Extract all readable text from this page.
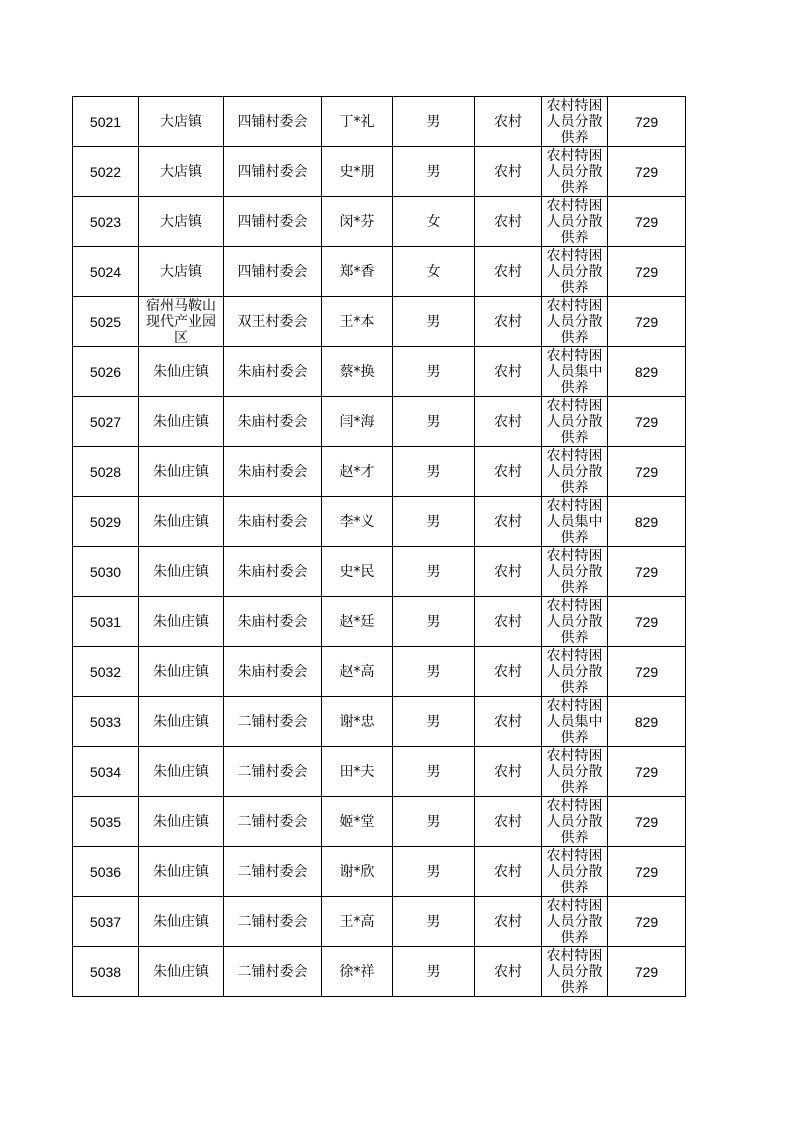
5021	大店镇	四铺村委会	丁*礼	男	农村	农村特困人员分散供养	729
5022	大店镇	四铺村委会	史*朋	男	农村	农村特困人员分散供养	729
5023	大店镇	四铺村委会	闵*芬	女	农村	农村特困人员分散供养	729
5024	大店镇	四铺村委会	郑*香	女	农村	农村特困人员分散供养	729
5025	宿州马鞍山现代产业园区	双王村委会	王*本	男	农村	农村特困人员分散供养	729
5026	朱仙庄镇	朱庙村委会	蔡*换	男	农村	农村特困人员集中供养	829
5027	朱仙庄镇	朱庙村委会	闫*海	男	农村	农村特困人员分散供养	729
5028	朱仙庄镇	朱庙村委会	赵*才	男	农村	农村特困人员分散供养	729
5029	朱仙庄镇	朱庙村委会	李*义	男	农村	农村特困人员集中供养	829
5030	朱仙庄镇	朱庙村委会	史*民	男	农村	农村特困人员分散供养	729
5031	朱仙庄镇	朱庙村委会	赵*廷	男	农村	农村特困人员分散供养	729
5032	朱仙庄镇	朱庙村委会	赵*高	男	农村	农村特困人员分散供养	729
5033	朱仙庄镇	二铺村委会	谢*忠	男	农村	农村特困人员集中供养	829
5034	朱仙庄镇	二铺村委会	田*夫	男	农村	农村特困人员分散供养	729
5035	朱仙庄镇	二铺村委会	姬*堂	男	农村	农村特困人员分散供养	729
5036	朱仙庄镇	二铺村委会	谢*欣	男	农村	农村特困人员分散供养	729
5037	朱仙庄镇	二铺村委会	王*高	男	农村	农村特困人员分散供养	729
5038	朱仙庄镇	二铺村委会	徐*祥	男	农村	农村特困人员分散供养	729
